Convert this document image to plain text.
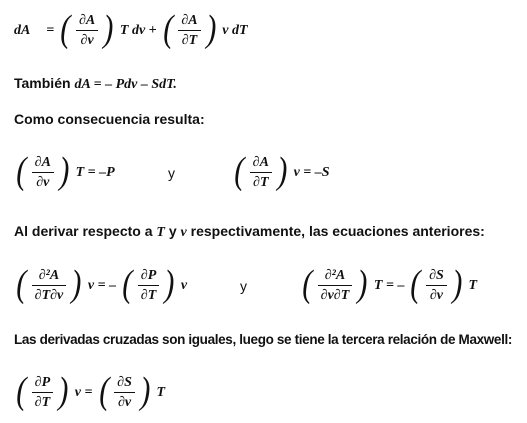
dA = ( $\frac{\partial A}{\partial v}$ ) T dv + ( $\frac{\partial A}{\partial T}$ ) v dT
También dA = – Pdv – SdT.
Como consecuencia resulta:
( $\frac{\partial A}{\partial v}$ ) T = –P	y ( $\frac{\partial A}{\partial T}$ ) v = –S
Al derivar respecto a T y v respectivamente, las ecuaciones anteriores:
( $\frac{\text{∂²A}}{\partial T\partial v}$ ) v = – ( $\frac{\partial P}{\partial T}$ ) v	y ( $\frac{\text{∂²A}}{\partial v\partial T}$ ) T = – ( $\frac{\partial S}{\partial v}$ ) T
Las derivadas cruzadas son iguales, luego se tiene la tercera relación de Maxwell:
( $\frac{\partial P}{\partial T}$ ) v = ( $\frac{\partial S}{\partial v}$ ) T
